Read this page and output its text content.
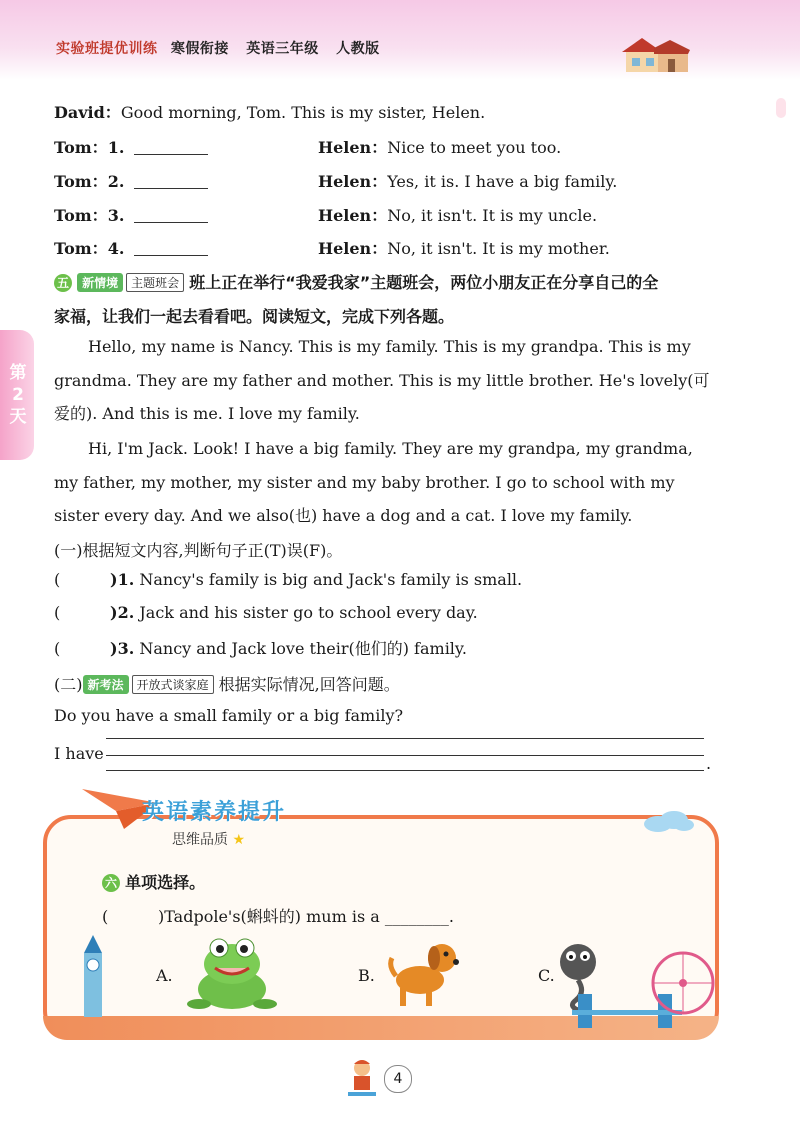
实验班提优训练 寒假衔接 英语三年级 人教版
第2天
David：Good morning, Tom. This is my sister, Helen.
Tom：1.	Helen：Nice to meet you too.
Tom：2.	Helen：Yes, it is. I have a big family.
Tom：3.	Helen：No, it isn't. It is my uncle.
Tom：4.	Helen：No, it isn't. It is my mother.
五 新情境 主题班会 班上正在举行“我爱我家”主题班会，两位小朋友正在分享自己的全
家福，让我们一起去看看吧。阅读短文，完成下列各题。
Hello, my name is Nancy. This is my family. This is my grandpa. This is my
grandma. They are my father and mother. This is my little brother. He's lovely(可
爱的). And this is me. I love my family.
Hi, I'm Jack. Look! I have a big family. They are my grandpa, my grandma,
my father, my mother, my sister and my baby brother. I go to school with my
sister every day. And we also(也) have a dog and a cat. I love my family.
(一)根据短文内容,判断句子正(T)误(F)。
(	)1. Nancy's family is big and Jack's family is small.
(	)2. Jack and his sister go to school every day.
(	)3. Nancy and Jack love their(他们的) family.
(二) 新考法 开放式谈家庭 根据实际情况,回答问题。
Do you have a small family or a big family?
I have
.
英语素养提升
思维品质 ★
六 单项选择。
(	)Tadpole's(蝌蚪的) mum is a ________.
A.	B.	C.
4
